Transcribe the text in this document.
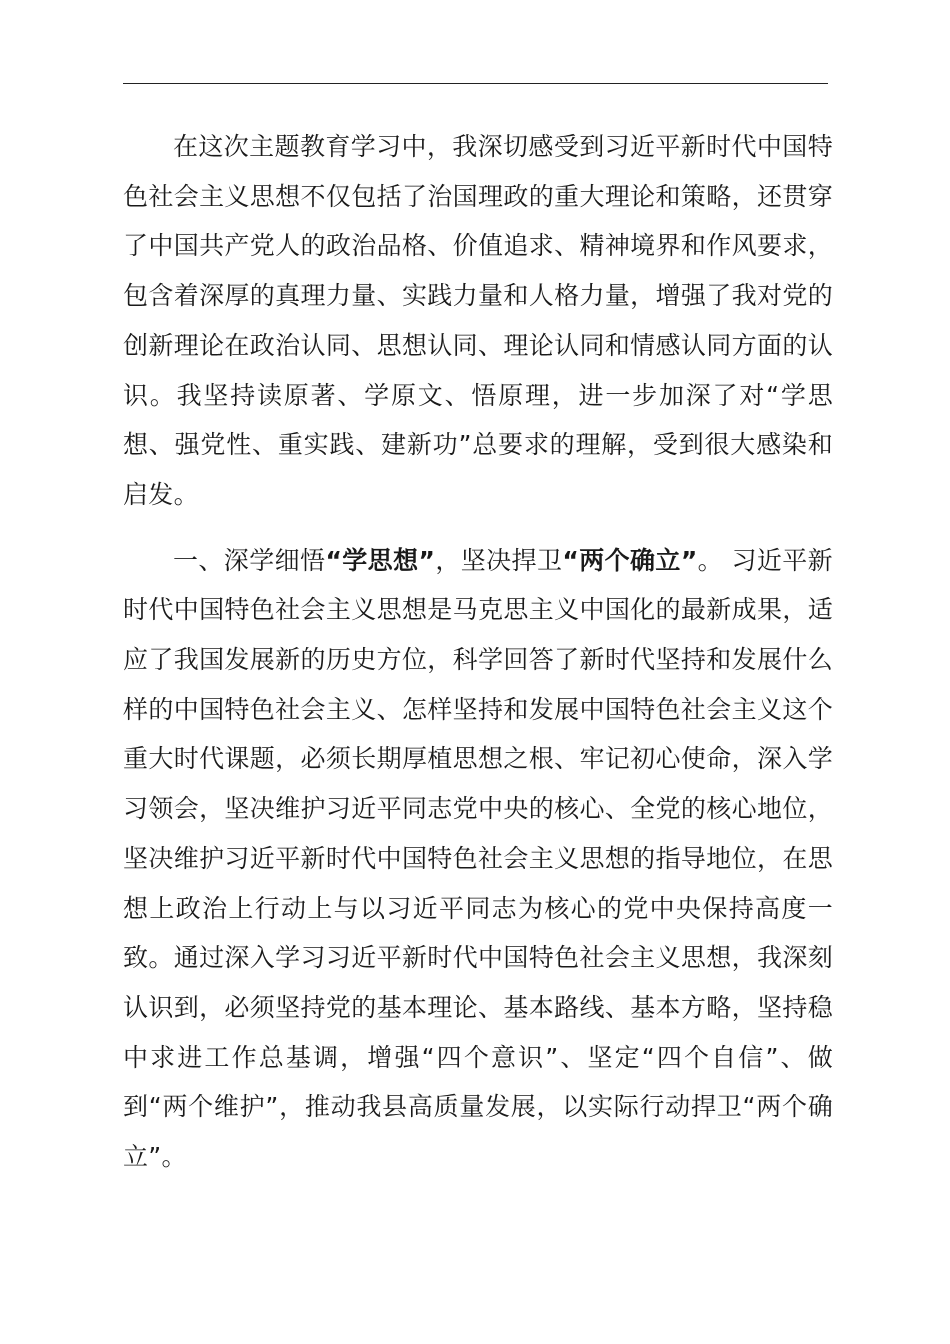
在这次主题教育学习中，我深切感受到习近平新时代中国特色社会主义思想不仅包括了治国理政的重大理论和策略，还贯穿了中国共产党人的政治品格、价值追求、精神境界和作风要求，包含着深厚的真理力量、实践力量和人格力量，增强了我对党的创新理论在政治认同、思想认同、理论认同和情感认同方面的认识。我坚持读原著、学原文、悟原理，进一步加深了对“学思想、强党性、重实践、建新功”总要求的理解，受到很大感染和启发。

一、深学细悟“学思想”，坚决捍卫“两个确立”。 习近平新时代中国特色社会主义思想是马克思主义中国化的最新成果，适应了我国发展新的历史方位，科学回答了新时代坚持和发展什么样的中国特色社会主义、怎样坚持和发展中国特色社会主义这个重大时代课题，必须长期厚植思想之根、牢记初心使命，深入学习领会，坚决维护习近平同志党中央的核心、全党的核心地位，坚决维护习近平新时代中国特色社会主义思想的指导地位，在思想上政治上行动上与以习近平同志为核心的党中央保持高度一致。通过深入学习习近平新时代中国特色社会主义思想，我深刻认识到，必须坚持党的基本理论、基本路线、基本方略，坚持稳中求进工作总基调，增强“四个意识”、坚定“四个自信”、做到“两个维护”，推动我县高质量发展，以实际行动捍卫“两个确立”。
